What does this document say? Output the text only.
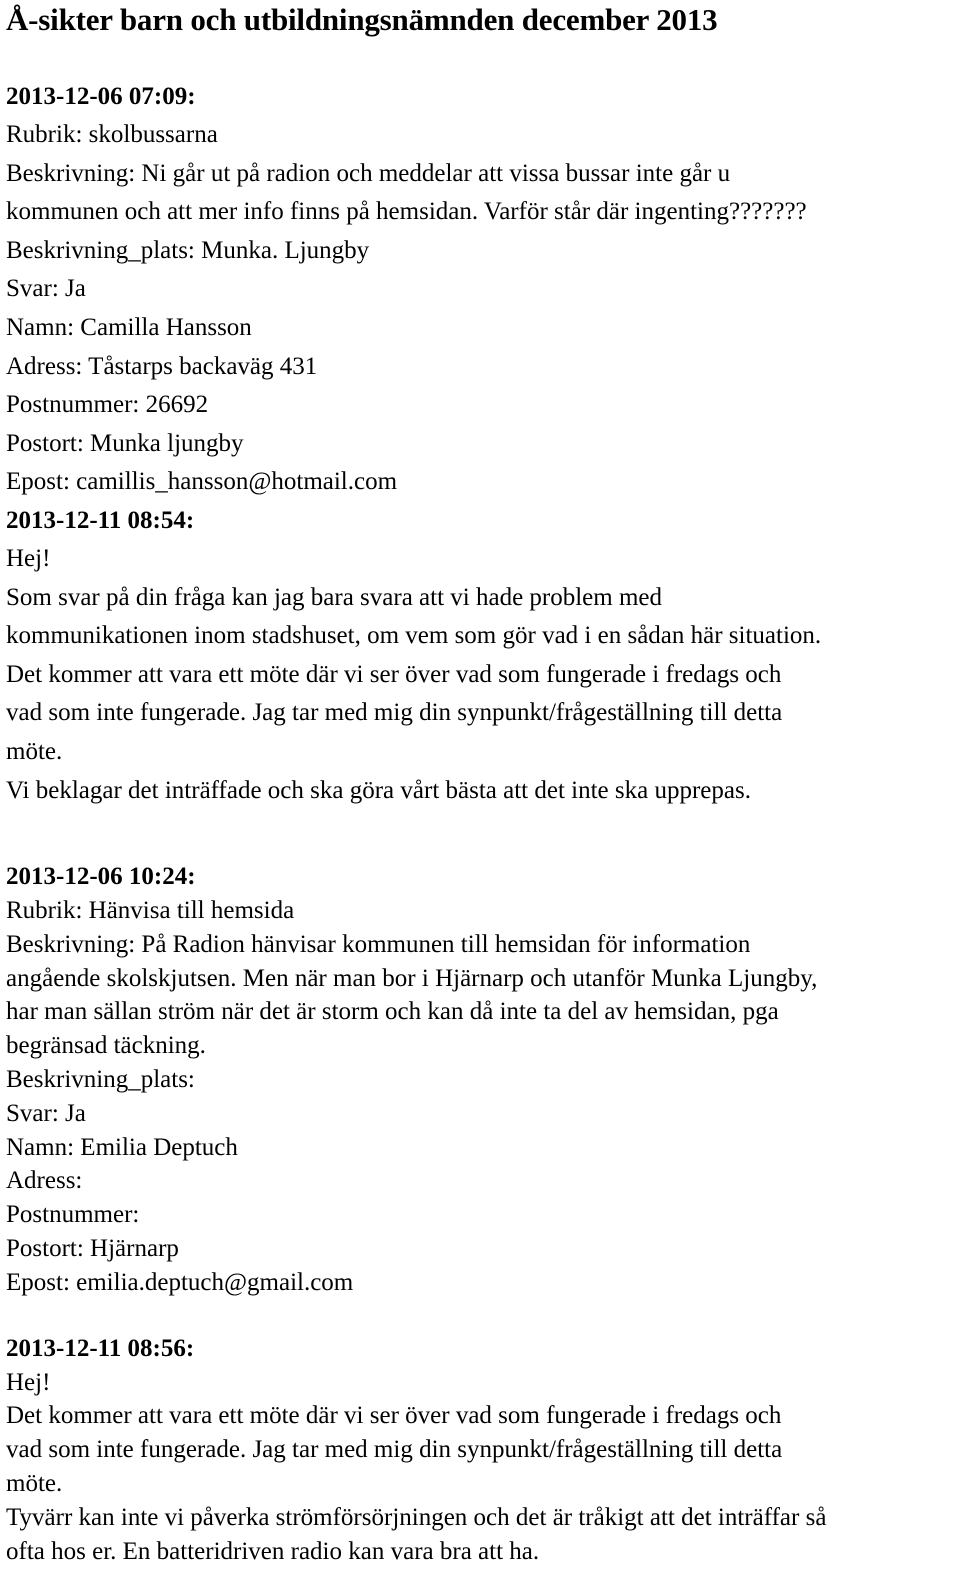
Å-sikter barn och utbildningsnämnden december 2013
2013-12-06 07:09:
Rubrik: skolbussarna
Beskrivning: Ni går ut på radion och meddelar att vissa bussar inte går u
kommunen och att mer info finns på hemsidan. Varför står där ingenting???????
Beskrivning_plats: Munka. Ljungby
Svar: Ja
Namn: Camilla Hansson
Adress: Tåstarps backaväg 431
Postnummer: 26692
Postort: Munka ljungby
Epost: camillis_hansson@hotmail.com
2013-12-11 08:54:
Hej!
Som svar på din fråga kan jag bara svara att vi hade problem med
kommunikationen inom stadshuset, om vem som gör vad i en sådan här situation.
Det kommer att vara ett möte där vi ser över vad som fungerade i fredags och
vad som inte fungerade. Jag tar med mig din synpunkt/frågeställning till detta
möte.
Vi beklagar det inträffade och ska göra vårt bästa att det inte ska upprepas.
2013-12-06 10:24:
Rubrik: Hänvisa till hemsida
Beskrivning: På Radion hänvisar kommunen till hemsidan för information
angående skolskjutsen. Men när man bor i Hjärnarp och utanför Munka Ljungby,
har man sällan ström när det är storm och kan då inte ta del av hemsidan, pga
begränsad täckning.
Beskrivning_plats:
Svar: Ja
Namn: Emilia Deptuch
Adress:
Postnummer:
Postort: Hjärnarp
Epost: emilia.deptuch@gmail.com
2013-12-11 08:56:
Hej!
Det kommer att vara ett möte där vi ser över vad som fungerade i fredags och
vad som inte fungerade. Jag tar med mig din synpunkt/frågeställning till detta
möte.
Tyvärr kan inte vi påverka strömförsörjningen och det är tråkigt att det inträffar så
ofta hos er. En batteridriven radio kan vara bra att ha.
